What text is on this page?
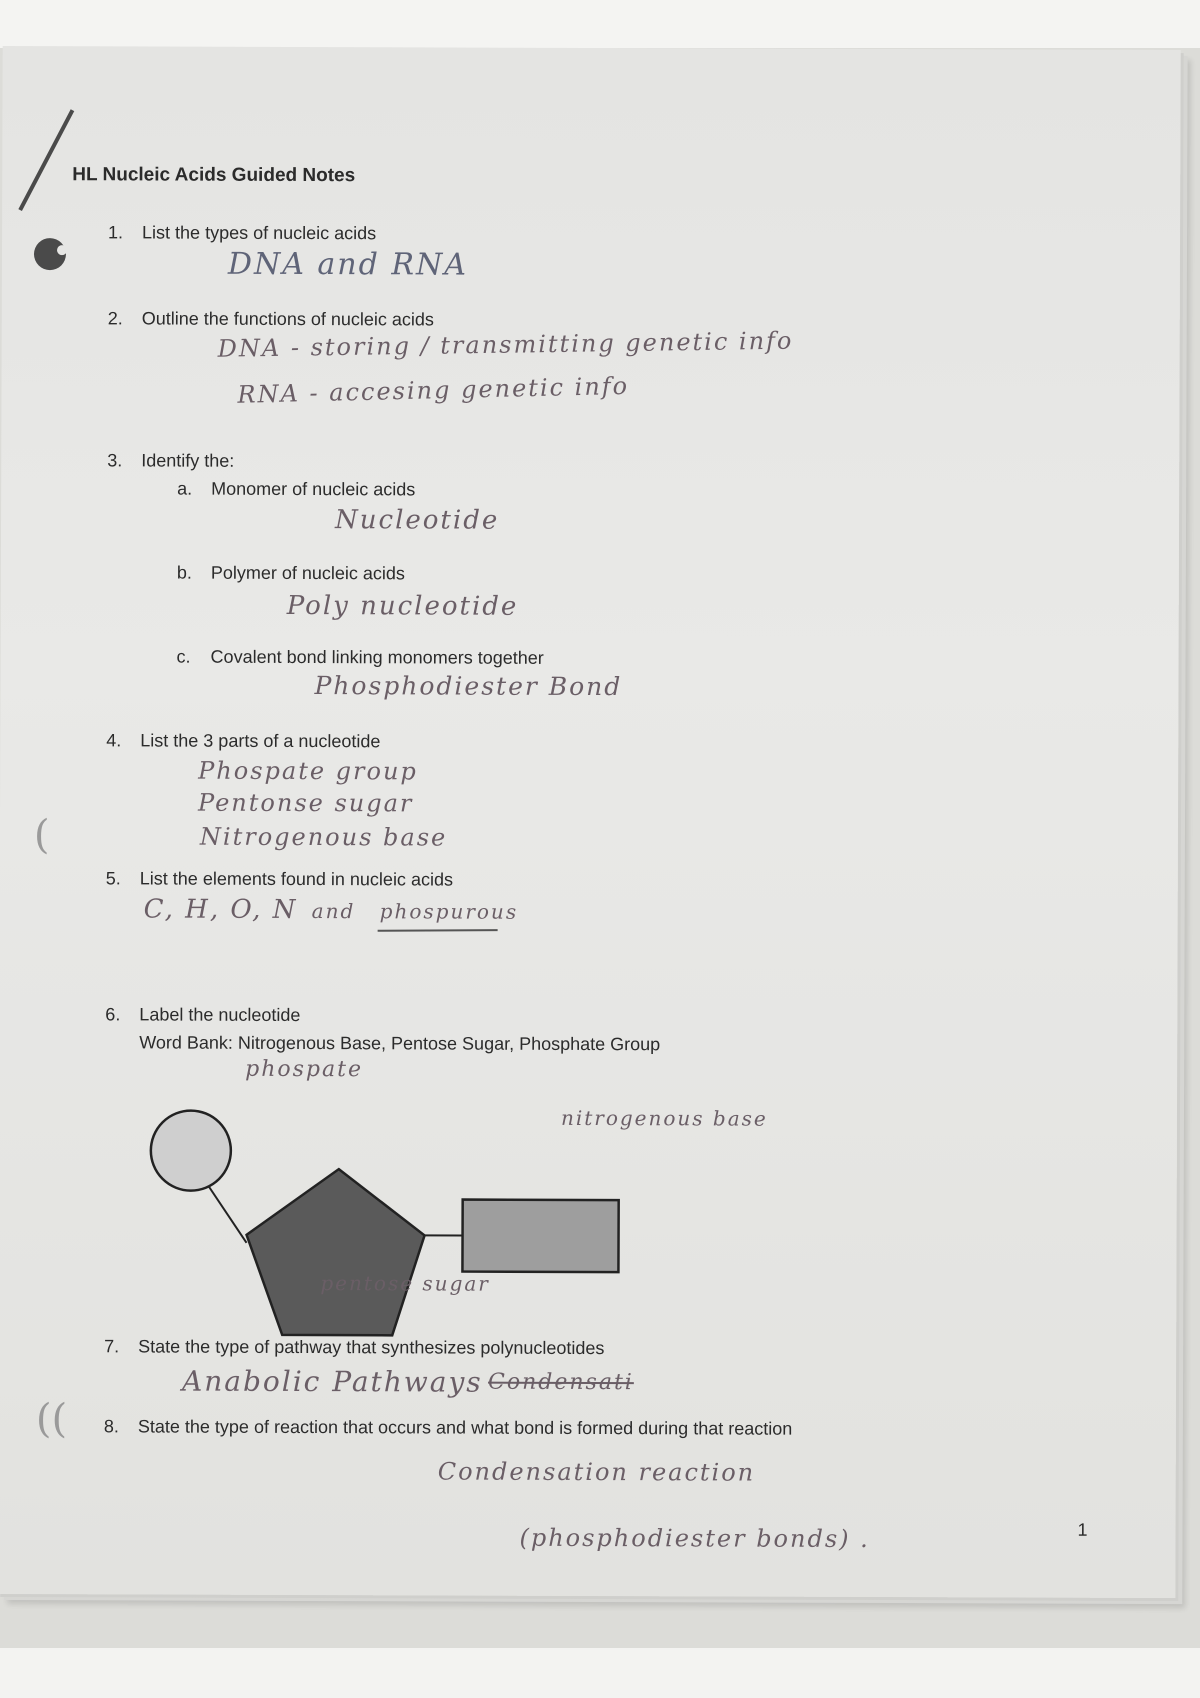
(
((
HL Nucleic Acids Guided Notes
1. List the types of nucleic acids
DNA and RNA
2. Outline the functions of nucleic acids
DNA - storing / transmitting genetic info
RNA - accesing genetic info
3. Identify the:
a. Monomer of nucleic acids
Nucleotide
b. Polymer of nucleic acids
Poly nucleotide
c. Covalent bond linking monomers together
Phosphodiester Bond
4. List the 3 parts of a nucleotide
Phospate group
Pentonse sugar
Nitrogenous base
5. List the elements found in nucleic acids
C, H, O, N and phospurous
6. Label the nucleotide
Word Bank: Nitrogenous Base, Pentose Sugar, Phosphate Group
phospate
nitrogenous base
pentose sugar
7. State the type of pathway that synthesizes polynucleotides
Anabolic Pathways Condensati
8. State the type of reaction that occurs and what bond is formed during that reaction
Condensation reaction
(phosphodiester bonds) .	1
